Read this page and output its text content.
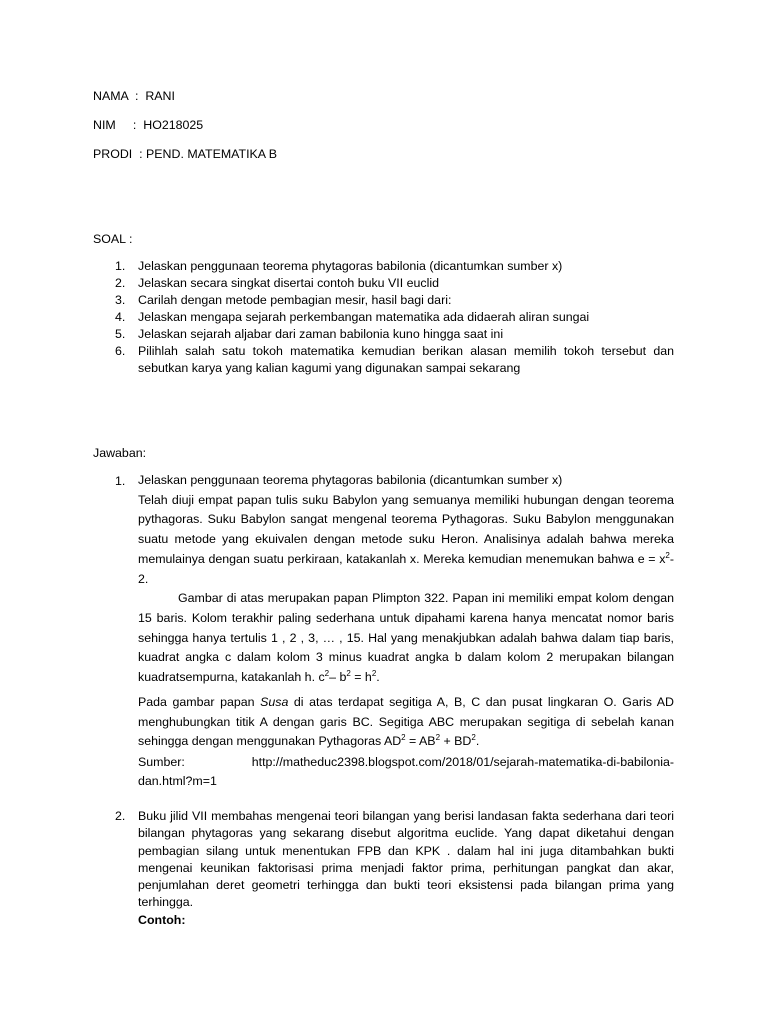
NAMA  :  RANI
NIM     :  HO218025
PRODI  : PEND. MATEMATIKA B
SOAL :
1. Jelaskan penggunaan teorema phytagoras babilonia (dicantumkan sumber x)
2. Jelaskan secara singkat disertai contoh buku VII euclid
3. Carilah dengan metode pembagian mesir, hasil bagi dari:
4. Jelaskan mengapa sejarah perkembangan matematika ada didaerah aliran sungai
5. Jelaskan sejarah aljabar dari zaman babilonia kuno hingga saat ini
6. Pilihlah salah satu tokoh matematika kemudian berikan alasan memilih tokoh tersebut dan sebutkan karya yang kalian kagumi yang digunakan sampai sekarang
Jawaban:
1. Jelaskan penggunaan teorema phytagoras babilonia (dicantumkan sumber x)

Telah diuji empat papan tulis suku Babylon yang semuanya memiliki hubungan dengan teorema pythagoras. Suku Babylon sangat mengenal teorema Pythagoras. Suku Babylon menggunakan suatu metode yang ekuivalen dengan metode suku Heron. Analisinya adalah bahwa mereka memulainya dengan suatu perkiraan, katakanlah x. Mereka kemudian menemukan bahwa $e = x^2-$ 2.

Gambar di atas merupakan papan Plimpton 322. Papan ini memiliki empat kolom dengan 15 baris. Kolom terakhir paling sederhana untuk dipahami karena hanya mencatat nomor baris sehingga hanya tertulis 1 , 2 , 3, … , 15. Hal yang menakjubkan adalah bahwa dalam tiap baris, kuadrat angka c dalam kolom 3 minus kuadrat angka b dalam kolom 2 merupakan bilangan kuadratsempurna, katakanlah h. $c^2-$ $b^2 = h^2$.

Pada gambar papan Susa di atas terdapat segitiga A, B, C dan pusat lingkaran O. Garis AD menghubungkan titik A dengan garis BC. Segitiga ABC merupakan segitiga di sebelah kanan sehingga dengan menggunakan Pythagoras $AD^2 = AB^2 + BD^2$.

Sumber:	http://matheduc2398.blogspot.com/2018/01/sejarah-matematika-di-babilonia-
dan.html?m=1
2. Buku jilid VII membahas mengenai teori bilangan yang berisi landasan fakta sederhana dari teori bilangan phytagoras yang sekarang disebut algoritma euclide. Yang dapat diketahui dengan pembagian silang untuk menentukan FPB dan KPK . dalam hal ini juga ditambahkan bukti mengenai keunikan faktorisasi prima menjadi faktor prima, perhitungan pangkat dan akar, penjumlahan deret geometri terhingga dan bukti teori eksistensi pada bilangan prima yang terhingga.

Contoh:
